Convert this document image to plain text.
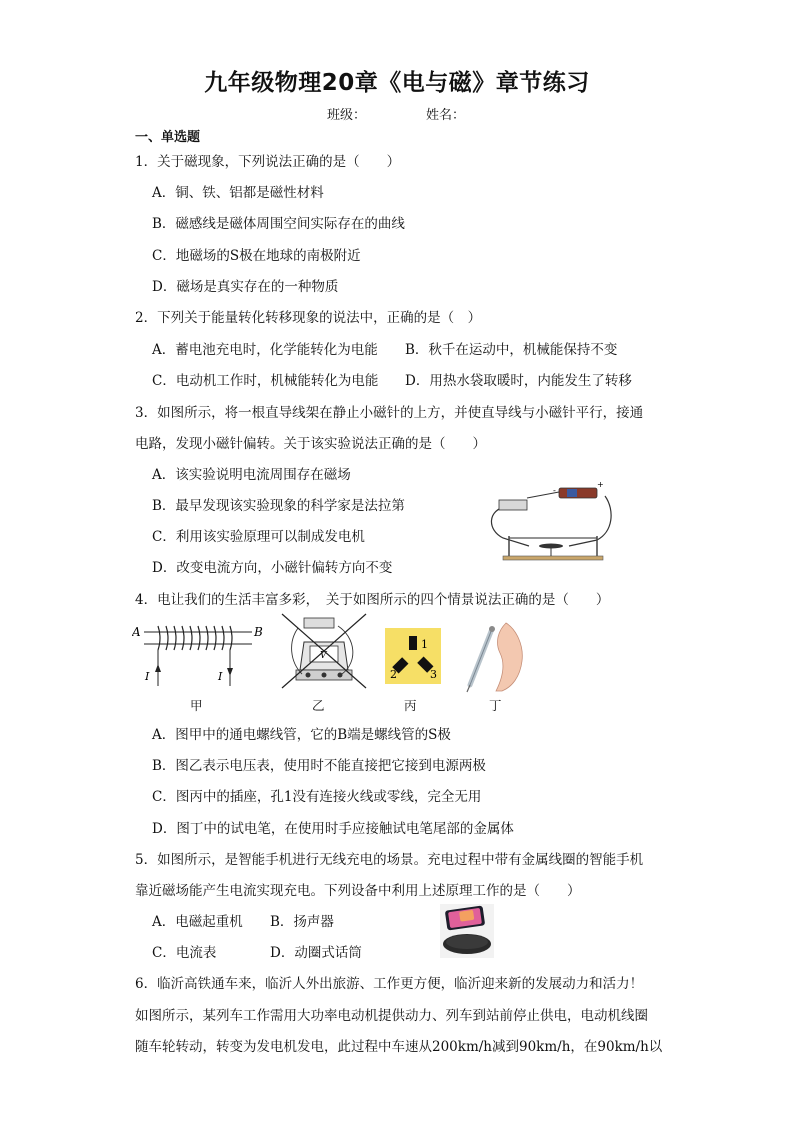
九年级物理20章《电与磁》章节练习
班级：	姓名：
一、单选题
1．关于磁现象，下列说法正确的是（　　）
A．铜、铁、铝都是磁性材料
B．磁感线是磁体周围空间实际存在的曲线
C．地磁场的S极在地球的南极附近
D．磁场是真实存在的一种物质
2．下列关于能量转化转移现象的说法中，正确的是（　）
A．蓄电池充电时，化学能转化为电能 B．秋千在运动中，机械能保持不变
C．电动机工作时，机械能转化为电能 D．用热水袋取暖时，内能发生了转移
3．如图所示，将一根直导线架在静止小磁针的上方，并使直导线与小磁针平行，接通
电路，发现小磁针偏转。关于该实验说法正确的是（　　）
A．该实验说明电流周围存在磁场
B．最早发现该实验现象的科学家是法拉第
C．利用该实验原理可以制成发电机
D．改变电流方向，小磁针偏转方向不变
+
-
4．电让我们的生活丰富多彩，　关于如图所示的四个情景说法正确的是（　　）
A	B
I	I
V
1
2	3
甲	乙	丙	丁
A．图甲中的通电螺线管，它的B端是螺线管的S极
B．图乙表示电压表，使用时不能直接把它接到电源两极
C．图丙中的插座，孔1没有连接火线或零线，完全无用
D．图丁中的试电笔，在使用时手应接触试电笔尾部的金属体
5．如图所示，是智能手机进行无线充电的场景。充电过程中带有金属线圈的智能手机
靠近磁场能产生电流实现充电。下列设备中利用上述原理工作的是（　　）
A．电磁起重机 B．扬声器
C．电流表	D．动圈式话筒
6．临沂高铁通车来，临沂人外出旅游、工作更方便，临沂迎来新的发展动力和活力！
如图所示，某列车工作需用大功率电动机提供动力、列车到站前停止供电，电动机线圈
随车轮转动，转变为发电机发电，此过程中车速从200km/h减到90km/h，在90km/h以
